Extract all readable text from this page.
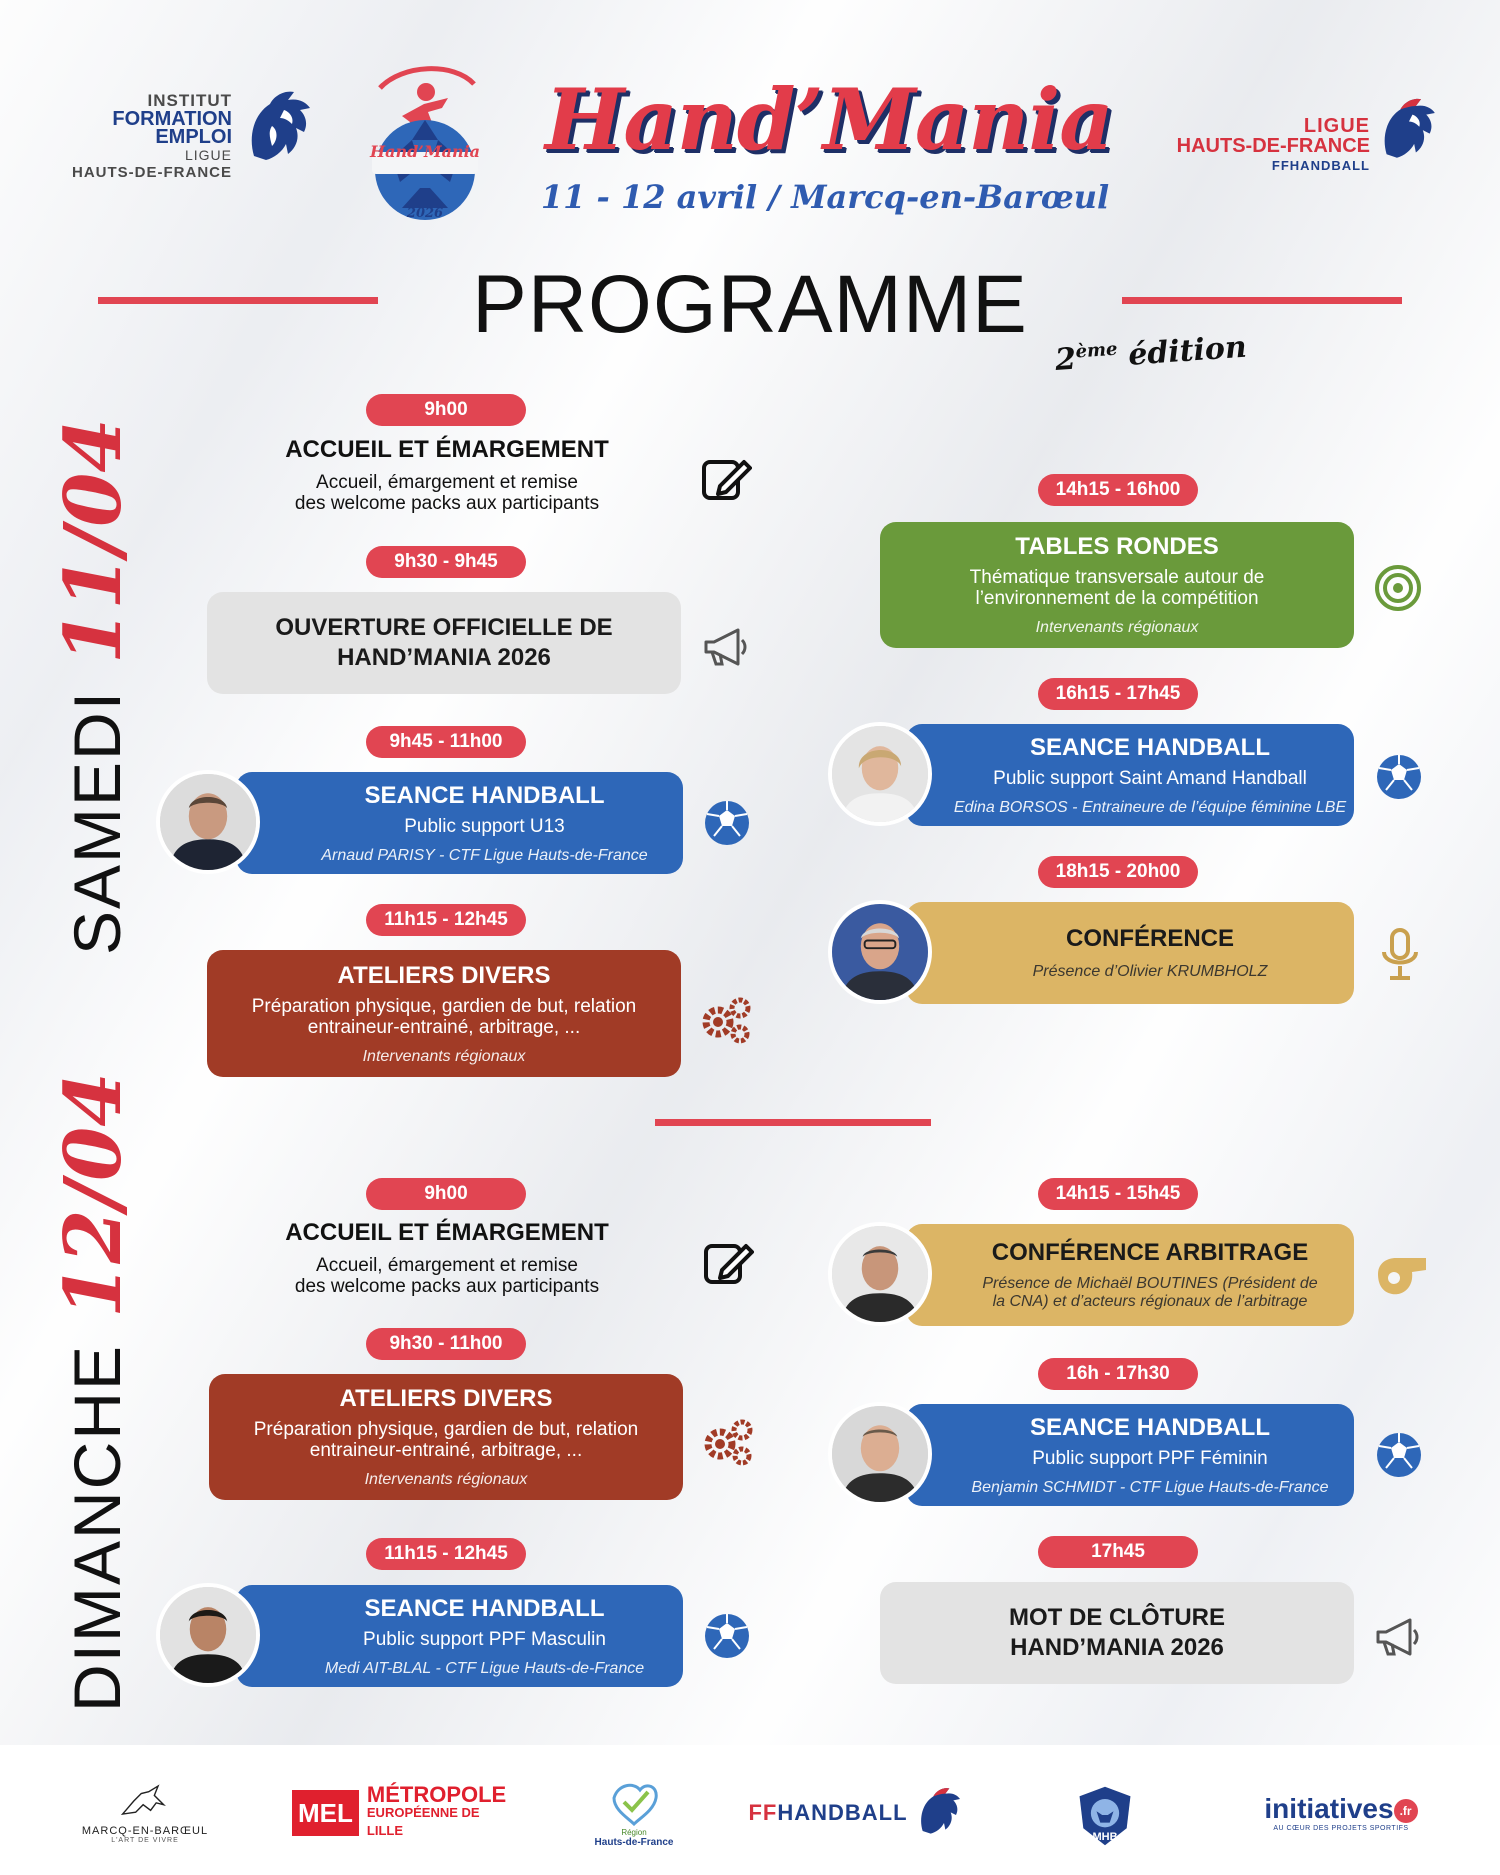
INSTITUT
FORMATION
EMPLOI
LIGUE
HAUTS-DE-FRANCE
Hand’Mania
2026
Hand’Mania
11 - 12 avril / Marcq-en-Barœul
LIGUE
HAUTS-DE-FRANCE
FFHANDBALL
PROGRAMME
2ème édition
SAMEDI
11/04
DIMANCHE
12/04
9h00
ACCUEIL ET ÉMARGEMENT
Accueil, émargement et remise
des welcome packs aux participants
9h30 - 9h45
OUVERTURE OFFICIELLE DE
HAND’MANIA 2026
9h45 - 11h00
SEANCE HANDBALL
Public support U13
Arnaud PARISY - CTF Ligue Hauts-de-France
11h15 - 12h45
ATELIERS DIVERS
Préparation physique, gardien de but, relation
entraineur-entrainé, arbitrage, ...
Intervenants régionaux
14h15 - 16h00
TABLES RONDES
Thématique transversale autour de
l’environnement de la compétition
Intervenants régionaux
16h15 - 17h45
SEANCE HANDBALL
Public support Saint Amand Handball
Edina BORSOS - Entraineure de l’équipe féminine LBE
18h15 - 20h00
CONFÉRENCE
Présence d’Olivier KRUMBHOLZ
9h00
ACCUEIL ET ÉMARGEMENT
Accueil, émargement et remise
des welcome packs aux participants
9h30 - 11h00
ATELIERS DIVERS
Préparation physique, gardien de but, relation
entraineur-entrainé, arbitrage, ...
Intervenants régionaux
11h15 - 12h45
SEANCE HANDBALL
Public support PPF Masculin
Medi AIT-BLAL - CTF Ligue Hauts-de-France
14h15 - 15h45
CONFÉRENCE ARBITRAGE
Présence de Michaël BOUTINES (Président de
la CNA) et d’acteurs régionaux de l’arbitrage
16h - 17h30
SEANCE HANDBALL
Public support PPF Féminin
Benjamin SCHMIDT - CTF Ligue Hauts-de-France
17h45
MOT DE CLÔTURE
HAND’MANIA 2026
MARCQ-EN-BARŒUL
L'ART DE VIVRE
MEL
MÉTROPOLE
EUROPÉENNE DE LILLE	Région
Hauts-de-France
FFHANDBALL
MHB
initiatives .fr
AU CŒUR DES PROJETS SPORTIFS
